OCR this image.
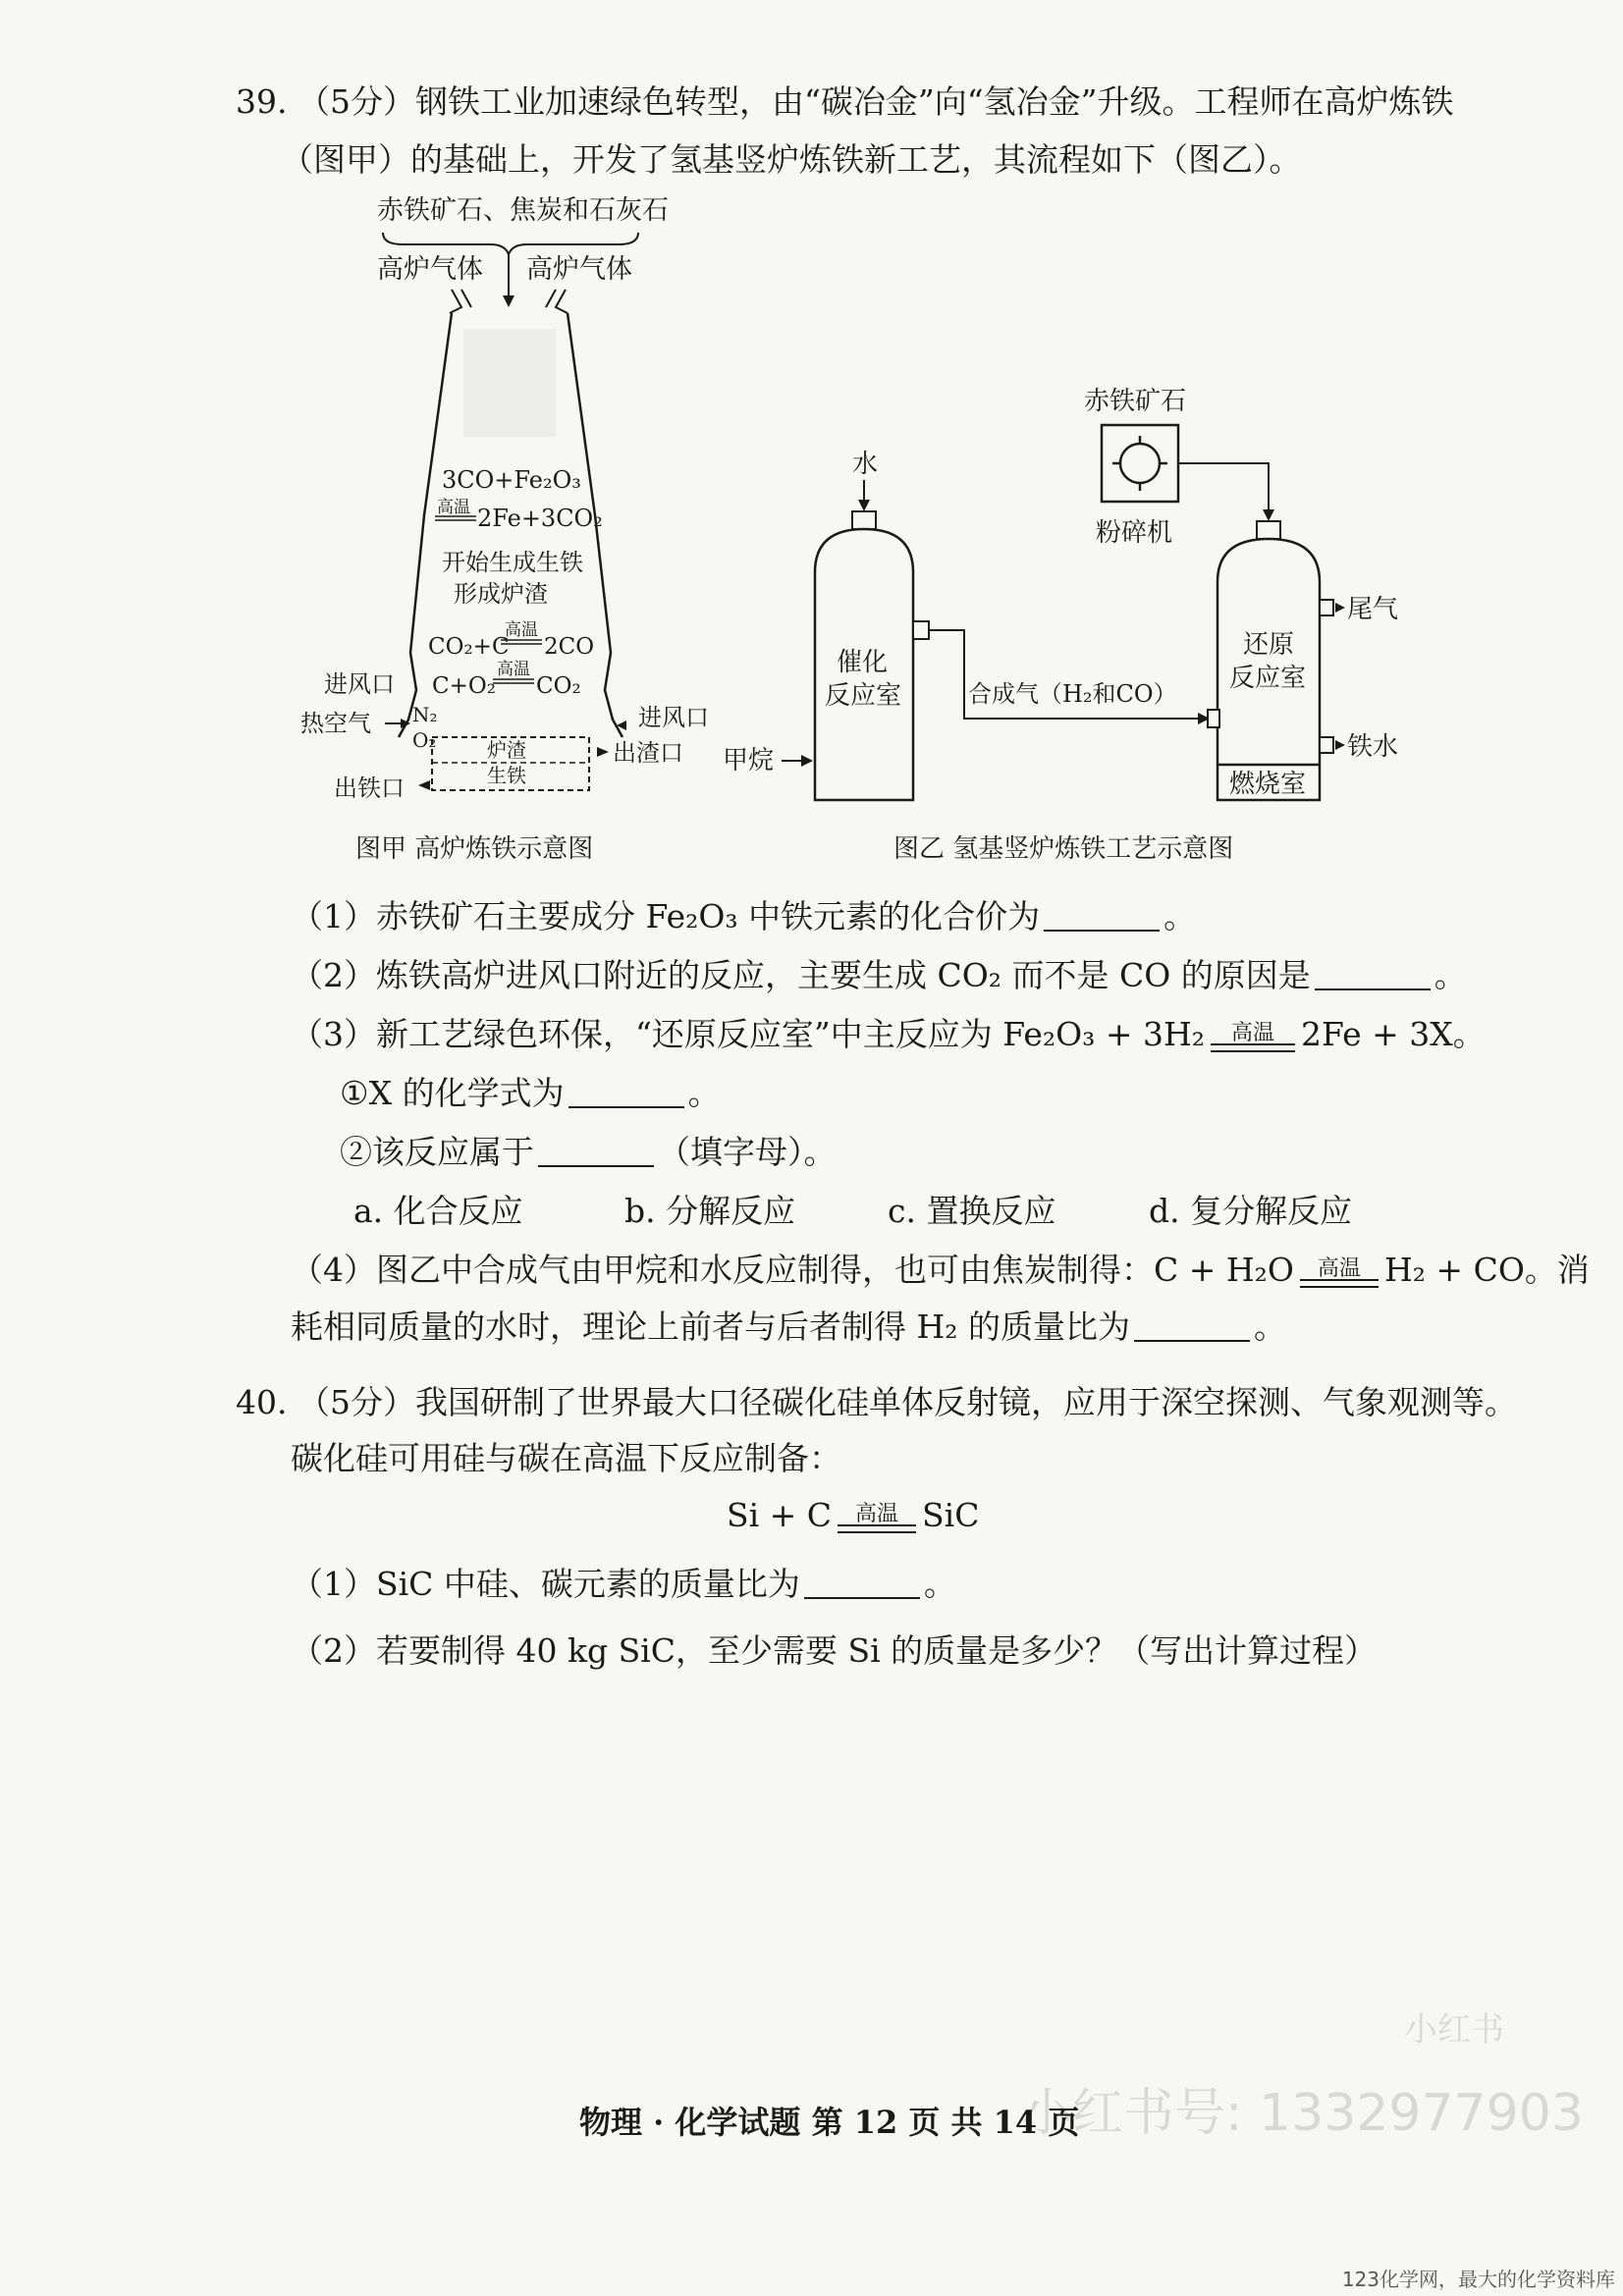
39. （5分）钢铁工业加速绿色转型，由“碳冶金”向“氢冶金”升级。工程师在高炉炼铁
（图甲）的基础上，开发了氢基竖炉炼铁新工艺，其流程如下（图乙）。
赤铁矿石、焦炭和石灰石
高炉气体 高炉气体
3CO+Fe₂O₃
高温 2Fe+3CO₂
开始生成生铁
形成炉渣
CO₂+C
高温
2CO
C+O₂
高温
CO₂
进风口
热空气 N₂
O₂
进风口
炉渣
生铁
出渣口
出铁口
图甲 高炉炼铁示意图
赤铁矿石
粉碎机
水
催化
反应室
甲烷
合成气（H₂和CO）
还原
反应室
燃烧室
尾气
铁水
图乙 氢基竖炉炼铁工艺示意图
（1）赤铁矿石主要成分 Fe₂O₃ 中铁元素的化合价为	。
（2）炼铁高炉进风口附近的反应，主要生成 CO₂ 而不是 CO 的原因是	。
（3）新工艺绿色环保，“还原反应室”中主反应为 Fe₂O₃ + 3H₂	高温 2Fe + 3X。
①X 的化学式为	。
②该反应属于	（填字母）。
a. 化合反应	b. 分解反应	c. 置换反应	d. 复分解反应
（4）图乙中合成气由甲烷和水反应制得，也可由焦炭制得：C + H₂O	高温 H₂ + CO。消
耗相同质量的水时，理论上前者与后者制得 H₂ 的质量比为	。
40. （5分）我国研制了世界最大口径碳化硅单体反射镜，应用于深空探测、气象观测等。
碳化硅可用硅与碳在高温下反应制备：
Si + C	高温 SiC
（1）SiC 中硅、碳元素的质量比为	。
（2）若要制得 40 kg SiC，至少需要 Si 的质量是多少？（写出计算过程）
小红书
小红书号: 1332977903
物理 · 化学试题 第 12 页 共 14 页
123化学网，最大的化学资料库
